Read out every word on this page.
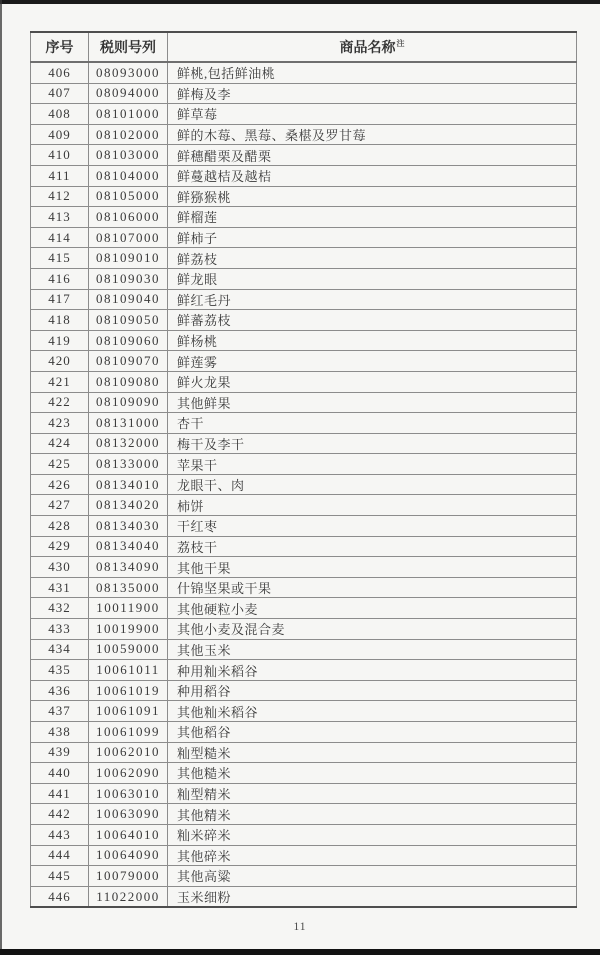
序号	税则号列	商品名称$^注$
406	08093000	鲜桃,包括鲜油桃
407	08094000	鲜梅及李
408	08101000	鲜草莓
409	08102000	鲜的木莓、黑莓、桑椹及罗甘莓
410	08103000	鲜穗醋栗及醋栗
411	08104000	鲜蔓越桔及越桔
412	08105000	鲜猕猴桃
413	08106000	鲜榴莲
414	08107000	鲜柿子
415	08109010	鲜荔枝
416	08109030	鲜龙眼
417	08109040	鲜红毛丹
418	08109050	鲜蕃荔枝
419	08109060	鲜杨桃
420	08109070	鲜莲雾
421	08109080	鲜火龙果
422	08109090	其他鲜果
423	08131000	杏干
424	08132000	梅干及李干
425	08133000	苹果干
426	08134010	龙眼干、肉
427	08134020	柿饼
428	08134030	干红枣
429	08134040	荔枝干
430	08134090	其他干果
431	08135000	什锦坚果或干果
432	10011900	其他硬粒小麦
433	10019900	其他小麦及混合麦
434	10059000	其他玉米
435	10061011	种用籼米稻谷
436	10061019	种用稻谷
437	10061091	其他籼米稻谷
438	10061099	其他稻谷
439	10062010	籼型糙米
440	10062090	其他糙米
441	10063010	籼型精米
442	10063090	其他精米
443	10064010	籼米碎米
444	10064090	其他碎米
445	10079000	其他高粱
446	11022000	玉米细粉
11
